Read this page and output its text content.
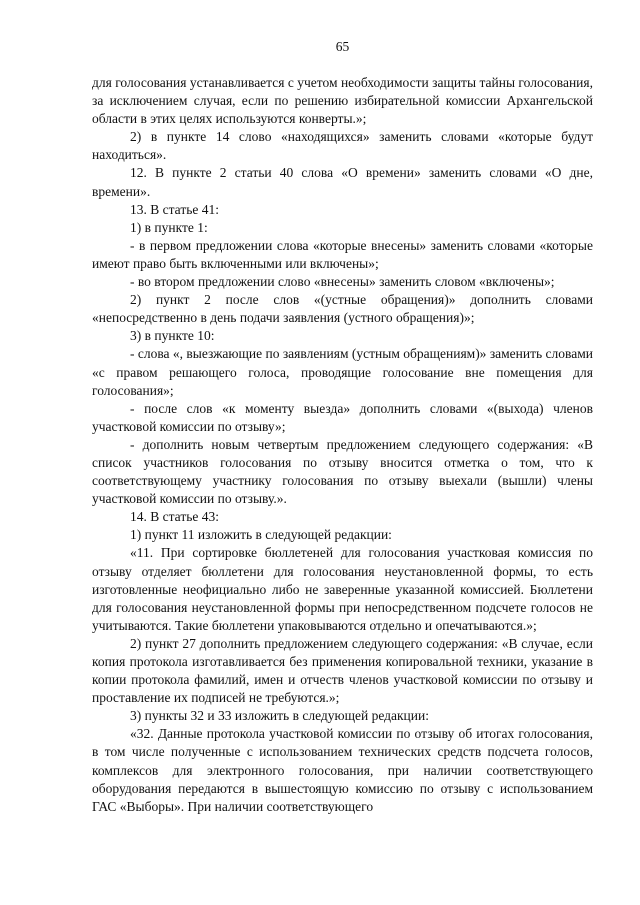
65

для голосования устанавливается с учетом необходимости защиты тайны голосования, за исключением случая, если по решению избирательной комиссии Архангельской области в этих целях используются конверты.»;

2) в пункте 14 слово «находящихся» заменить словами «которые будут находиться».

12. В пункте 2 статьи 40 слова «О времени» заменить словами «О дне, времени».

13. В статье 41:

1) в пункте 1:

- в первом предложении слова «которые внесены» заменить словами «которые имеют право быть включенными или включены»;

- во втором предложении слово «внесены» заменить словом «включены»;

2) пункт 2 после слов «(устные обращения)» дополнить словами «непосредственно в день подачи заявления (устного обращения)»;

3) в пункте 10:

- слова «, выезжающие по заявлениям (устным обращениям)» заменить словами «с правом решающего голоса, проводящие голосование вне помещения для голосования»;

- после слов «к моменту выезда» дополнить словами «(выхода) членов участковой комиссии по отзыву»;

- дополнить новым четвертым предложением следующего содержания: «В список участников голосования по отзыву вносится отметка о том, что к соответствующему участнику голосования по отзыву выехали (вышли) члены участковой комиссии по отзыву.».

14. В статье 43:

1) пункт 11 изложить в следующей редакции:

«11. При сортировке бюллетеней для голосования участковая комиссия по отзыву отделяет бюллетени для голосования неустановленной формы, то есть изготовленные неофициально либо не заверенные указанной комиссией. Бюллетени для голосования неустановленной формы при непосредственном подсчете голосов не учитываются. Такие бюллетени упаковываются отдельно и опечатываются.»;

2) пункт 27 дополнить предложением следующего содержания: «В случае, если копия протокола изготавливается без применения копировальной техники, указание в копии протокола фамилий, имен и отчеств членов участковой комиссии по отзыву и проставление их подписей не требуются.»;

3) пункты 32 и 33 изложить в следующей редакции:

«32. Данные протокола участковой комиссии по отзыву об итогах голосования, в том числе полученные с использованием технических средств подсчета голосов, комплексов для электронного голосования, при наличии соответствующего оборудования передаются в вышестоящую комиссию по отзыву с использованием ГАС «Выборы». При наличии соответствующего
